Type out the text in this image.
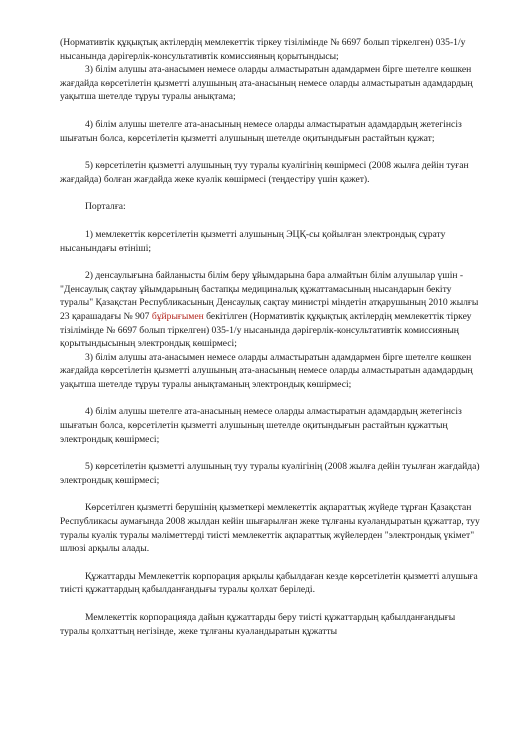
(Нормативтік құқықтық актілердің мемлекеттік тіркеу тізілімінде № 6697 болып тіркелген) 035-1/у нысанында дәрігерлік-консультативтік комиссияның қорытындысы;

3) білім алушы ата-анасымен немесе оларды алмастыратын адамдармен бірге шетелге көшкен жағдайда көрсетілетін қызметті алушының ата-анасының немесе оларды алмастыратын адамдардың уақытша шетелде тұруы туралы анықтама;

4) білім алушы шетелге ата-анасының немесе оларды алмастыратын адамдардың жетегінсіз шығатын болса, көрсетілетін қызметті алушының шетелде оқитындығын растайтын құжат;

5) көрсетілетін қызметті алушының туу туралы куәлігінің көшірмесі (2008 жылға дейін туған жағдайда) болған жағдайда жеке куәлік көшірмесі (теңдестіру үшін қажет).

Порталға:

1) мемлекеттік көрсетілетін қызметті алушының ЭЦҚ-сы қойылған электрондық сұрату нысанындағы өтініші;

2) денсаулығына байланысты білім беру ұйымдарына бара алмайтын білім алушылар үшін - "Денсаулық сақтау ұйымдарының бастапқы медициналық құжаттамасының нысандарын бекіту туралы" Қазақстан Республикасының Денсаулық сақтау министрі міндетін атқарушының 2010 жылғы 23 қарашадағы № 907 бұйрығымен бекітілген (Нормативтік құқықтық актілердің мемлекеттік тіркеу тізілімінде № 6697 болып тіркелген) 035-1/у нысанында дәрігерлік-консультативтік комиссияның қорытындысының электрондық көшірмесі;

3) білім алушы ата-анасымен немесе оларды алмастыратын адамдармен бірге шетелге көшкен жағдайда көрсетілетін қызметті алушының ата-анасының немесе оларды алмастыратын адамдардың уақытша шетелде тұруы туралы анықтаманың электрондық көшірмесі;

4) білім алушы шетелге ата-анасының немесе оларды алмастыратын адамдардың жетегінсіз шығатын болса, көрсетілетін қызметті алушының шетелде оқитындығын растайтын құжаттың электрондық көшірмесі;

5) көрсетілетін қызметті алушының туу туралы куәлігінің (2008 жылға дейін туылған жағдайда) электрондық көшірмесі;

Көрсетілген қызметті берушінің қызметкері мемлекеттік ақпараттық жүйеде тұрған Қазақстан Республикасы аумағында 2008 жылдан кейін шығарылған жеке тұлғаны куәландыратын құжаттар, туу туралы куәлік туралы мәліметтерді тиісті мемлекеттік ақпараттық жүйелерден "электрондық үкімет" шлюзі арқылы алады.

Құжаттарды Мемлекеттік корпорация арқылы қабылдаған кезде көрсетілетін қызметті алушыға тиісті құжаттардың қабылданғандығы туралы қолхат беріледі.

Мемлекеттік корпорацияда дайын құжаттарды беру тиісті құжаттардың қабылданғандығы туралы қолхаттың негізінде, жеке тұлғаны куәландыратын құжатты
